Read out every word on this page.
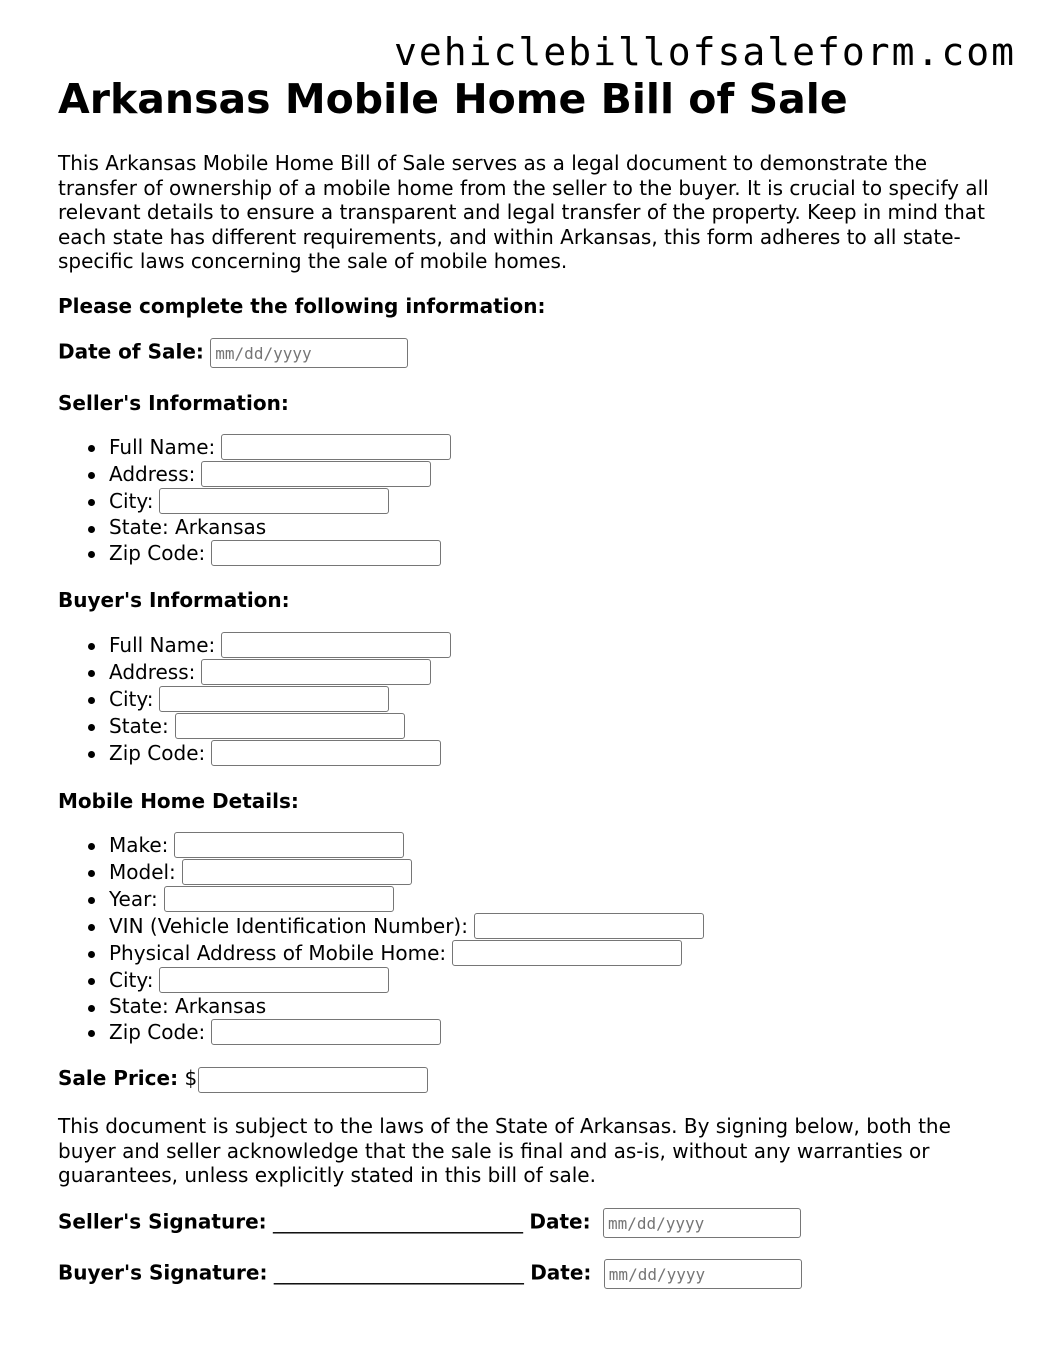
vehiclebillofsaleform.com

Arkansas Mobile Home Bill of Sale

This Arkansas Mobile Home Bill of Sale serves as a legal document to demonstrate the transfer of ownership of a mobile home from the seller to the buyer. It is crucial to specify all relevant details to ensure a transparent and legal transfer of the property. Keep in mind that each state has different requirements, and within Arkansas, this form adheres to all state-specific laws concerning the sale of mobile homes.

Please complete the following information:

Date of Sale: mm/dd/yyyy

Seller's Information:

Full Name:
Address:
City:
State: Arkansas
Zip Code:

Buyer's Information:

Full Name:
Address:
City:
State:
Zip Code:

Mobile Home Details:

Make:
Model:
Year:
VIN (Vehicle Identification Number):
Physical Address of Mobile Home:
City:
State: Arkansas
Zip Code:

Sale Price: $

This document is subject to the laws of the State of Arkansas. By signing below, both the buyer and seller acknowledge that the sale is final and as-is, without any warranties or guarantees, unless explicitly stated in this bill of sale.

Seller's Signature: _________________________ Date: mm/dd/yyyy

Buyer's Signature: _________________________ Date: mm/dd/yyyy
